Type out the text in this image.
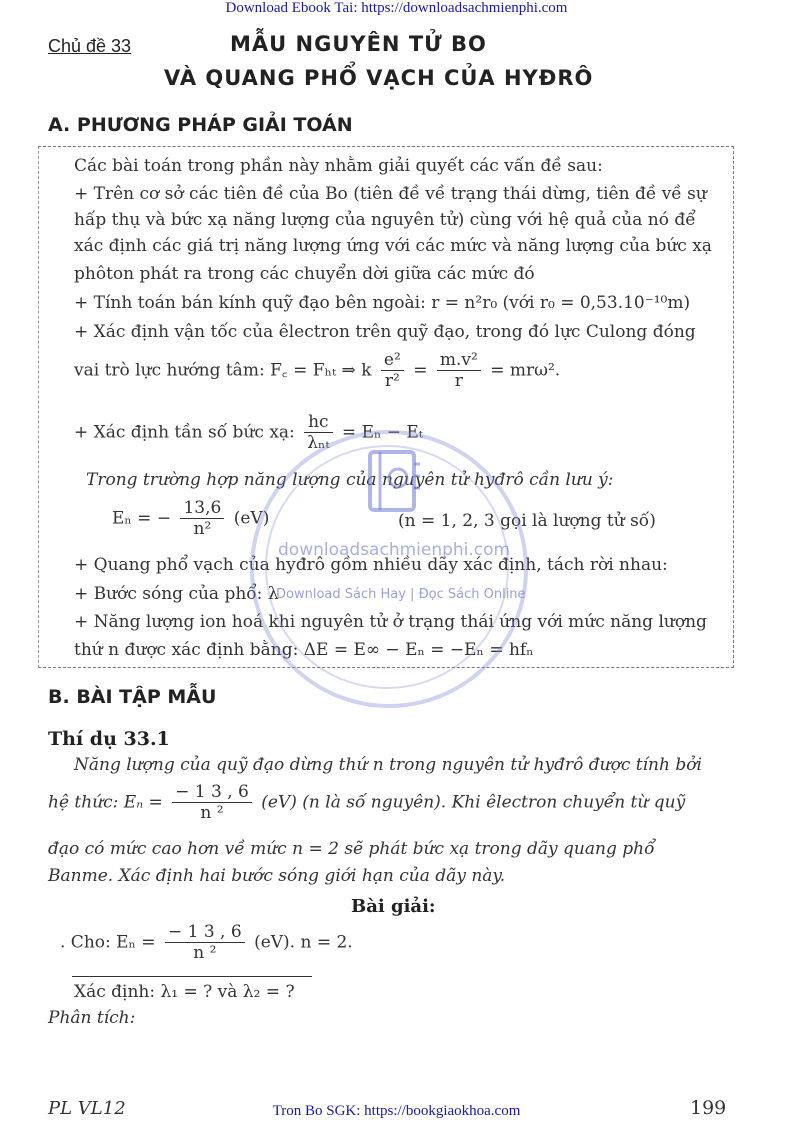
Download Ebook Tai: https://downloadsachmienphi.com
Chủ đề 33	MẪU NGUYÊN TỬ BO
VÀ QUANG PHỔ VẠCH CỦA HYĐRÔ
A. PHƯƠNG PHÁP GIẢI TOÁN
Các bài toán trong phần này nhằm giải quyết các vấn đề sau:
+ Trên cơ sở các tiên đề của Bo (tiên đề về trạng thái dừng, tiên đề về sự
hấp thụ và bức xạ năng lượng của nguyên tử) cùng với hệ quả của nó để
xác định các giá trị năng lượng ứng với các mức và năng lượng của bức xạ
phôton phát ra trong các chuyển dời giữa các mức đó
+ Tính toán bán kính quỹ đạo bên ngoài: r = n²r₀ (với r₀ = 0,53.10⁻¹⁰m)
+ Xác định vận tốc của êlectron trên quỹ đạo, trong đó lực Culong đóng
vai trò lực hướng tâm: F꜀ = Fₕₜ ⇒ k $\frac{\text{e²}}{\text{r²}} = \frac{\text{m.v²}}{r} = mr\omega^2$.
+ Xác định tần số bức xạ: $\frac{hc}{\text{λₙₜ}} = E_n - E_t$
Trong trường hợp năng lượng của nguyên tử hyđrô cần lưu ý:
Eₙ = − $\frac{13,6}{\text{n²}} (eV)$	(n = 1, 2, 3 gọi là lượng tử số)
+ Quang phổ vạch của hyđrô gồm nhiều dãy xác định, tách rời nhau:
+ Bước sóng của phổ: λ
+ Năng lượng ion hoá khi nguyên tử ở trạng thái ứng với mức năng lượng
thứ n được xác định bằng: ΔE = E∞ − Eₙ = −Eₙ = hfₙ
B. BÀI TẬP MẪU
Thí dụ 33.1
Năng lượng của quỹ đạo dừng thứ n trong nguyên tử hyđrô được tính bởi
hệ thức: $E_n = \frac{- 1 3 , 6}{\text{n ²}} (eV)$ (n là số nguyên). Khi êlectron chuyển từ quỹ
đạo có mức cao hơn về mức n = 2 sẽ phát bức xạ trong dãy quang phổ
Banme. Xác định hai bước sóng giới hạn của dãy này.
Bài giải:
. Cho: $E_n = \frac{- 1 3 , 6}{\text{n ²}} (eV)$. n = 2.
Xác định: λ₁ = ? và λ₂ = ?
Phân tích:
downloadsachmienphi.com
Download Sách Hay | Đọc Sách Online
PL VL12	Tron Bo SGK: https://bookgiaokhoa.com	199
